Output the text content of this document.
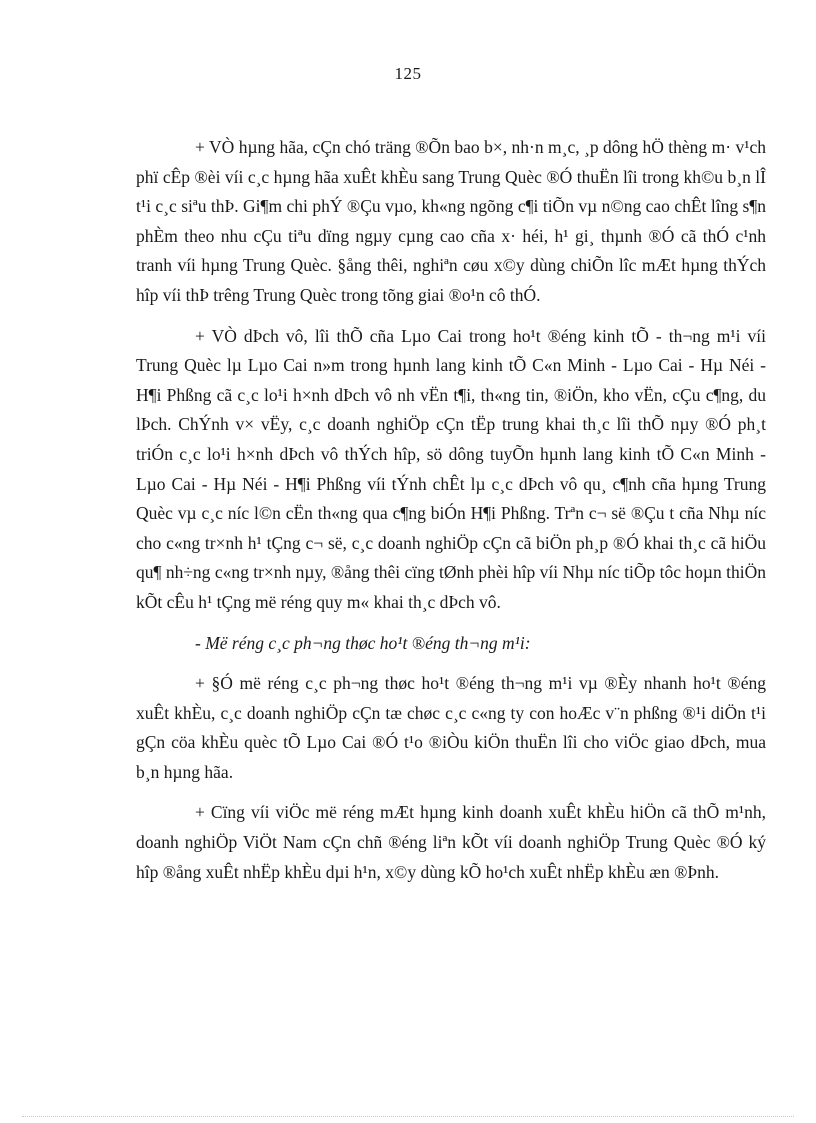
125

+ VÒ hµng hãa, cÇn chó träng ®Õn bao b×, nh·n m¸c, ¸p dông hÖ thèng m· v¹ch phï cÊp ®èi víi c¸c hµng hãa xuÊt khÈu sang Trung Quèc ®Ó thuËn lîi trong kh©u b¸n lÎ t¹i c¸c siªu thÞ. Gi¶m chi phÝ ®Çu vµo, kh«ng ngõng c¶i tiÕn vµ n©ng cao chÊt lîng s¶n phÈm theo nhu cÇu tiªu dïng ngµy cµng cao cña x· héi, h¹ gi¸ thµnh ®Ó cã thÓ c¹nh tranh víi hµng Trung Quèc. §ång thêi, nghiªn cøu x©y dùng chiÕn lîc mÆt hµng thÝch hîp víi thÞ trêng Trung Quèc trong tõng giai ®o¹n cô thÓ.

+ VÒ dÞch vô, lîi thÕ cña Lµo Cai trong ho¹t ®éng kinh tÕ - th¬ng m¹i víi Trung Quèc lµ Lµo Cai n»m trong hµnh lang kinh tÕ C«n Minh - Lµo Cai - Hµ Néi - H¶i Phßng cã c¸c lo¹i h×nh dÞch vô nh vËn t¶i, th«ng tin, ®iÖn, kho vËn, cÇu c¶ng, du lÞch. ChÝnh v× vËy, c¸c doanh nghiÖp cÇn tËp trung khai th¸c lîi thÕ nµy ®Ó ph¸t triÓn c¸c lo¹i h×nh dÞch vô thÝch hîp, sö dông tuyÕn hµnh lang kinh tÕ C«n Minh - Lµo Cai - Hµ Néi - H¶i Phßng víi tÝnh chÊt lµ c¸c dÞch vô qu¸ c¶nh cña hµng Trung Quèc vµ c¸c níc l©n cËn th«ng qua c¶ng biÓn H¶i Phßng. Trªn c¬ së ®Çu t cña Nhµ níc cho c«ng tr×nh h¹ tÇng c¬ së, c¸c doanh nghiÖp cÇn cã biÖn ph¸p ®Ó khai th¸c cã hiÖu qu¶ nh÷ng c«ng tr×nh nµy, ®ång thêi cïng tØnh phèi hîp víi Nhµ níc tiÕp tôc hoµn thiÖn kÕt cÊu h¹ tÇng më réng quy m« khai th¸c dÞch vô.

- Më réng c¸c ph¬ng thøc ho¹t ®éng th¬ng m¹i:

+ §Ó më réng c¸c ph¬ng thøc ho¹t ®éng th¬ng m¹i vµ ®Èy nhanh ho¹t ®éng xuÊt khÈu, c¸c doanh nghiÖp cÇn tæ chøc c¸c c«ng ty con hoÆc v¨n phßng ®¹i diÖn t¹i gÇn cöa khÈu quèc tÕ Lµo Cai ®Ó t¹o ®iÒu kiÖn thuËn lîi cho viÖc giao dÞch, mua b¸n hµng hãa.

+ Cïng víi viÖc më réng mÆt hµng kinh doanh xuÊt khÈu hiÖn cã thÕ m¹nh, doanh nghiÖp ViÖt Nam cÇn chñ ®éng liªn kÕt víi doanh nghiÖp Trung Quèc ®Ó ký hîp ®ång xuÊt nhËp khÈu dµi h¹n, x©y dùng kÕ ho¹ch xuÊt nhËp khÈu æn ®Þnh.
